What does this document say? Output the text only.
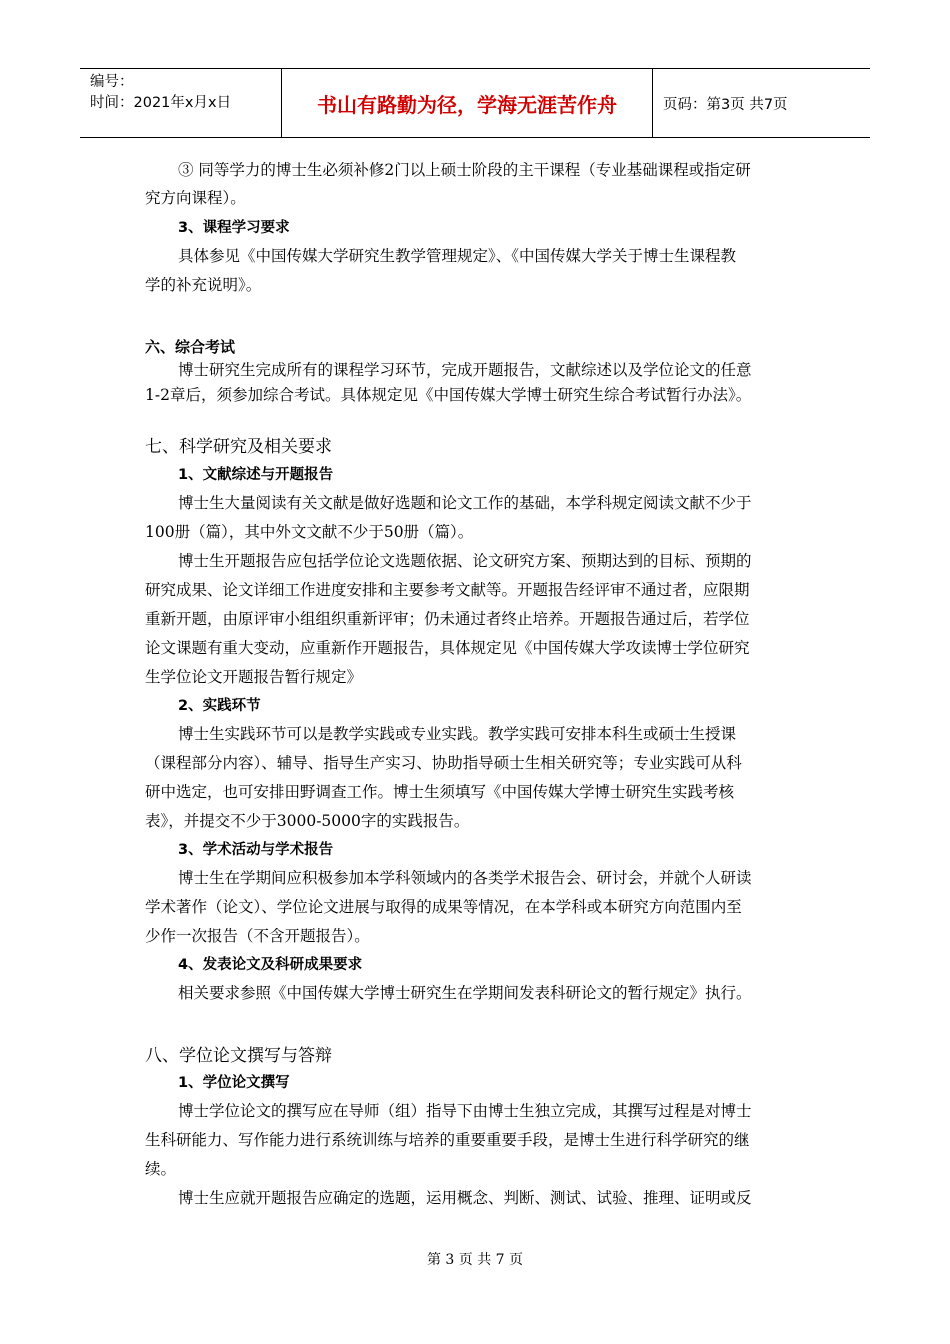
编号：
时间：2021年x月x日	书山有路勤为径，学海无涯苦作舟	页码：第3页 共7页
③ 同等学力的博士生必须补修2门以上硕士阶段的主干课程（专业基础课程或指定研
究方向课程）。
3、课程学习要求
具体参见《中国传媒大学研究生教学管理规定》、《中国传媒大学关于博士生课程教
学的补充说明》。
六、综合考试
博士研究生完成所有的课程学习环节，完成开题报告，文献综述以及学位论文的任意
1-2章后，须参加综合考试。具体规定见《中国传媒大学博士研究生综合考试暂行办法》。
七、科学研究及相关要求
1、文献综述与开题报告
博士生大量阅读有关文献是做好选题和论文工作的基础，本学科规定阅读文献不少于
100册（篇），其中外文文献不少于50册（篇）。
博士生开题报告应包括学位论文选题依据、论文研究方案、预期达到的目标、预期的
研究成果、论文详细工作进度安排和主要参考文献等。开题报告经评审不通过者，应限期
重新开题，由原评审小组组织重新评审；仍未通过者终止培养。开题报告通过后，若学位
论文课题有重大变动，应重新作开题报告，具体规定见《中国传媒大学攻读博士学位研究
生学位论文开题报告暂行规定》
2、实践环节
博士生实践环节可以是教学实践或专业实践。教学实践可安排本科生或硕士生授课
（课程部分内容）、辅导、指导生产实习、协助指导硕士生相关研究等；专业实践可从科
研中选定，也可安排田野调查工作。博士生须填写《中国传媒大学博士研究生实践考核
表》，并提交不少于3000-5000字的实践报告。
3、学术活动与学术报告
博士生在学期间应积极参加本学科领域内的各类学术报告会、研讨会，并就个人研读
学术著作（论文）、学位论文进展与取得的成果等情况，在本学科或本研究方向范围内至
少作一次报告（不含开题报告）。
4、发表论文及科研成果要求
相关要求参照《中国传媒大学博士研究生在学期间发表科研论文的暂行规定》执行。
八、学位论文撰写与答辩
1、学位论文撰写
博士学位论文的撰写应在导师（组）指导下由博士生独立完成，其撰写过程是对博士
生科研能力、写作能力进行系统训练与培养的重要重要手段，是博士生进行科学研究的继
续。
博士生应就开题报告应确定的选题，运用概念、判断、测试、试验、推理、证明或反
第 3 页 共 7 页
